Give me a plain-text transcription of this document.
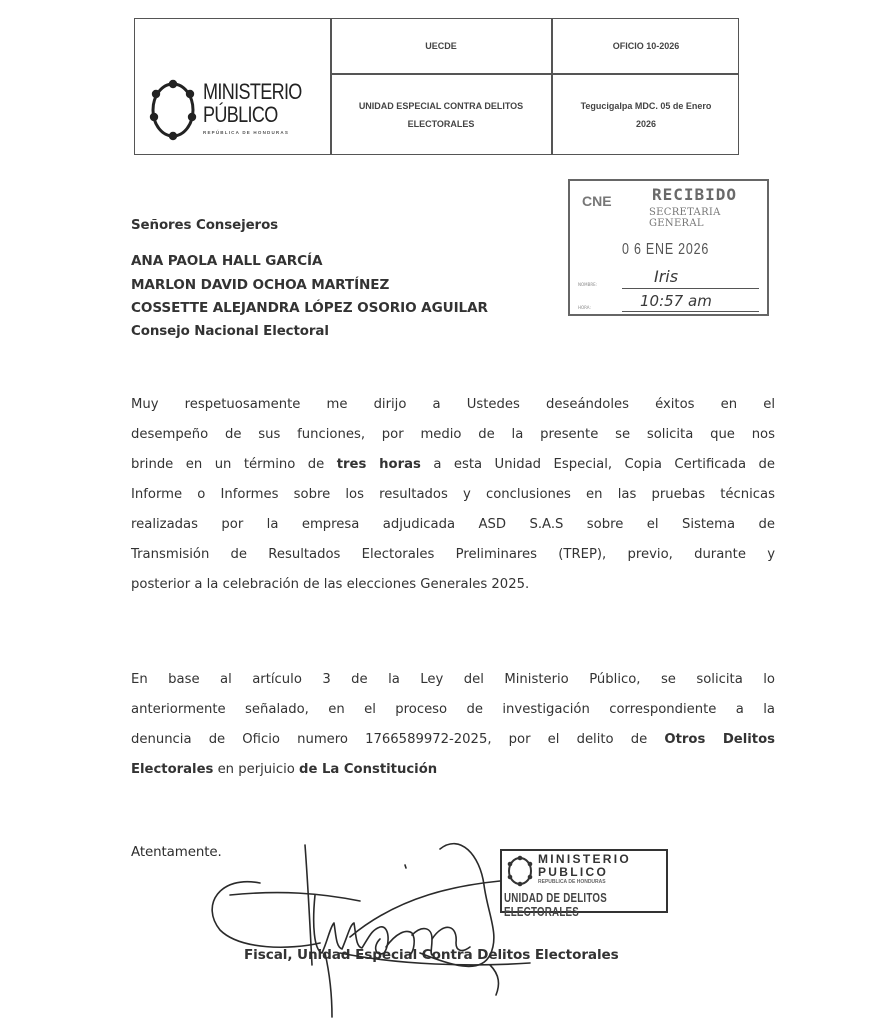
MINISTERIO
PÚBLICO
REPÚBLICA DE HONDURAS
UECDE	OFICIO 10-2026
UNIDAD ESPECIAL CONTRA DELITOS
ELECTORALES
Tegucigalpa MDC. 05 de Enero
2026
CNE	RECIBIDO
SECRETARIA GENERAL
0 6 ENE 2026
NOMBRE:	Iris
HORA:	10:57 am
Señores Consejeros
ANA PAOLA HALL GARCÍA
MARLON DAVID OCHOA MARTÍNEZ
COSSETTE ALEJANDRA LÓPEZ OSORIO AGUILAR
Consejo Nacional Electoral
Muy respetuosamente me dirijo a Ustedes deseándoles éxitos en el
desempeño de sus funciones, por medio de la presente se solicita que nos
brinde en un término de tres horas a esta Unidad Especial, Copia Certificada de
Informe o Informes sobre los resultados y conclusiones en las pruebas técnicas
realizadas por la empresa adjudicada ASD S.A.S sobre el Sistema de
Transmisión de Resultados Electorales Preliminares (TREP), previo, durante y
posterior a la celebración de las elecciones Generales 2025.
En base al artículo 3 de la Ley del Ministerio Público, se solicita lo
anteriormente señalado, en el proceso de investigación correspondiente a la
denuncia de Oficio numero 1766589972-2025, por el delito de Otros Delitos
Electorales en perjuicio de La Constitución
Atentamente.	MINISTERIO
PUBLICO
REPUBLICA DE HONDURAS
UNIDAD DE DELITOS ELECTORALES
Fiscal, Unidad Especial Contra Delitos Electorales
